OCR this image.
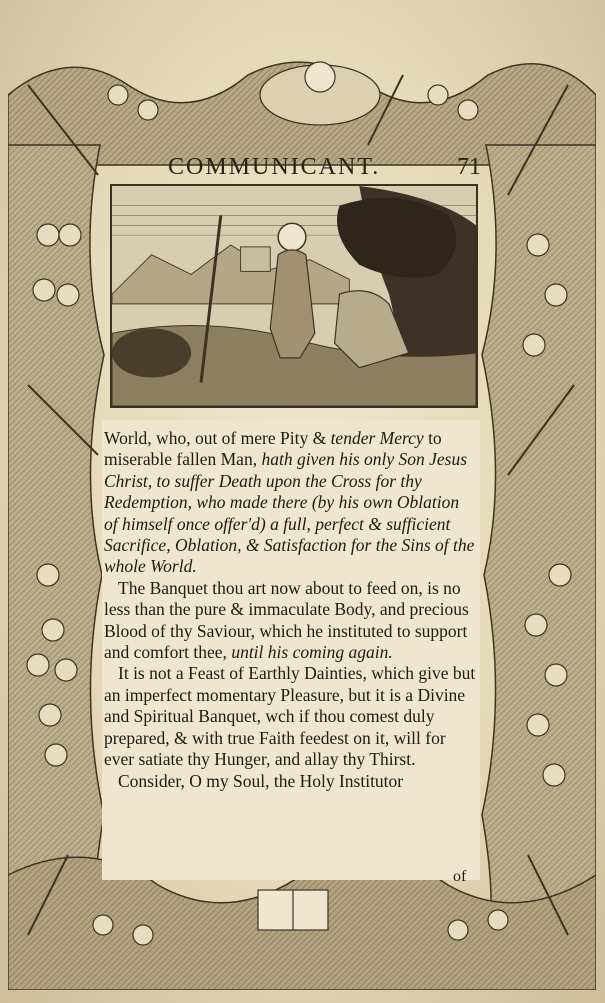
COMMUNICANT.	71

World, who, out of mere Pity & tender Mercy to miserable fallen Man, hath given his only Son Jesus Christ, to suffer Death upon the Cross for thy Redemption, who made there (by his own Oblation of himself once offer'd) a full, perfect & sufficient Sacrifice, Oblation, & Satisfaction for the Sins of the whole World.

The Banquet thou art now about to feed on, is no less than the pure & immaculate Body, and precious Blood of thy Saviour, which he instituted to support and comfort thee, until his coming again.

It is not a Feast of Earthly Dainties, which give but an imperfect momentary Pleasure, but it is a Divine and Spiritual Banquet, wch if thou comest duly prepared, & with true Faith feedest on it, will for ever satiate thy Hunger, and allay thy Thirst.

Consider, O my Soul, the Holy Institutor

of
